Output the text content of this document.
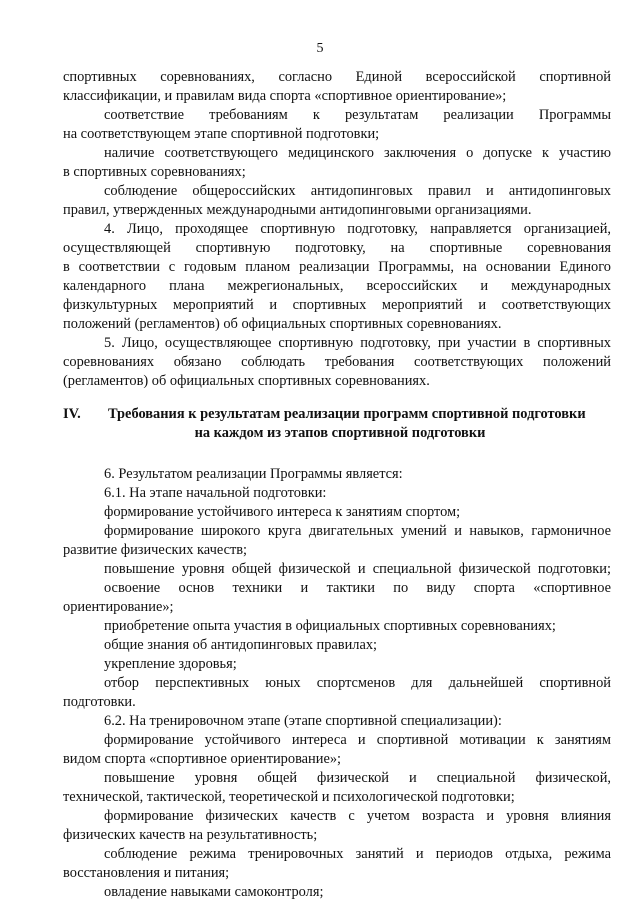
5
спортивных соревнованиях, согласно Единой всероссийской спортивной
классификации, и правилам вида спорта «спортивное ориентирование»;
соответствие требованиям к результатам реализации Программы
на соответствующем этапе спортивной подготовки;
наличие соответствующего медицинского заключения о допуске к участию
в спортивных соревнованиях;
соблюдение общероссийских антидопинговых правил и антидопинговых
правил, утвержденных международными антидопинговыми организациями.
4. Лицо, проходящее спортивную подготовку, направляется организацией,
осуществляющей спортивную подготовку, на спортивные соревнования
в соответствии с годовым планом реализации Программы, на основании Единого
календарного плана межрегиональных, всероссийских и международных
физкультурных мероприятий и спортивных мероприятий и соответствующих
положений (регламентов) об официальных спортивных соревнованиях.
5. Лицо, осуществляющее спортивную подготовку, при участии в спортивных
соревнованиях обязано соблюдать требования соответствующих положений
(регламентов) об официальных спортивных соревнованиях.
IV. Требования к результатам реализации программ спортивной подготовки
на каждом из этапов спортивной подготовки
6. Результатом реализации Программы является:
6.1. На этапе начальной подготовки:
формирование устойчивого интереса к занятиям спортом;
формирование широкого круга двигательных умений и навыков, гармоничное
развитие физических качеств;
повышение уровня общей физической и специальной физической подготовки;
освоение основ техники и тактики по виду спорта «спортивное
ориентирование»;
приобретение опыта участия в официальных спортивных соревнованиях;
общие знания об антидопинговых правилах;
укрепление здоровья;
отбор перспективных юных спортсменов для дальнейшей спортивной
подготовки.
6.2. На тренировочном этапе (этапе спортивной специализации):
формирование устойчивого интереса и спортивной мотивации к занятиям
видом спорта «спортивное ориентирование»;
повышение уровня общей физической и специальной физической,
технической, тактической, теоретической и психологической подготовки;
формирование физических качеств с учетом возраста и уровня влияния
физических качеств на результативность;
соблюдение режима тренировочных занятий и периодов отдыха, режима
восстановления и питания;
овладение навыками самоконтроля;
